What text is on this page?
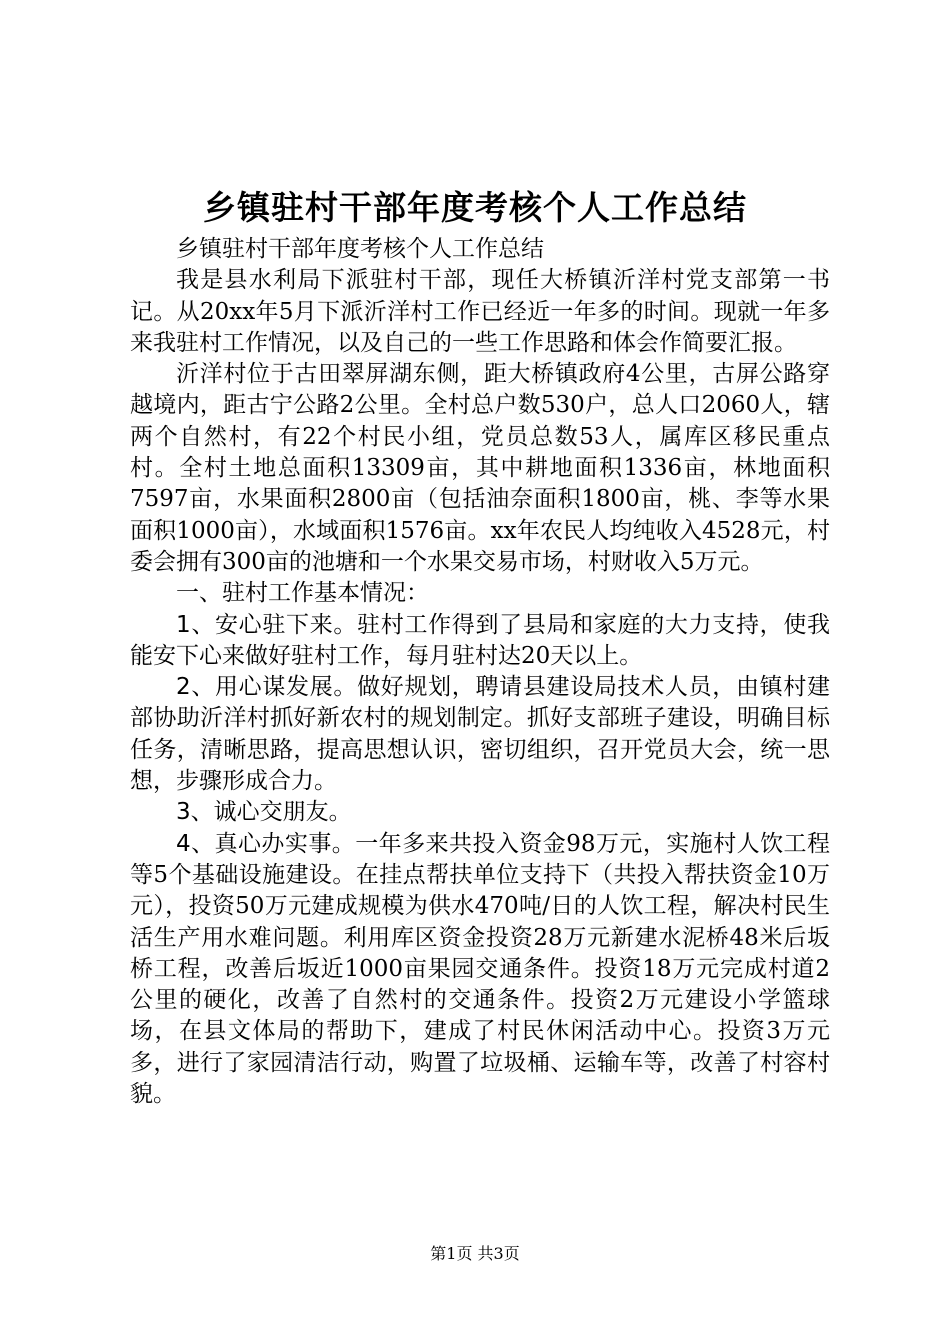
乡镇驻村干部年度考核个人工作总结

乡镇驻村干部年度考核个人工作总结

我是县水利局下派驻村干部，现任大桥镇沂洋村党支部第一书记。从20xx年5月下派沂洋村工作已经近一年多的时间。现就一年多来我驻村工作情况，以及自己的一些工作思路和体会作简要汇报。

沂洋村位于古田翠屏湖东侧，距大桥镇政府4公里，古屏公路穿越境内，距古宁公路2公里。全村总户数530户，总人口2060人，辖两个自然村，有22个村民小组，党员总数53人，属库区移民重点村。全村土地总面积13309亩，其中耕地面积1336亩，林地面积7597亩，水果面积2800亩（包括油奈面积1800亩，桃、李等水果面积1000亩），水域面积1576亩。xx年农民人均纯收入4528元，村委会拥有300亩的池塘和一个水果交易市场，村财收入5万元。

一、驻村工作基本情况：

1、安心驻下来。驻村工作得到了县局和家庭的大力支持，使我能安下心来做好驻村工作，每月驻村达20天以上。

2、用心谋发展。做好规划，聘请县建设局技术人员，由镇村建部协助沂洋村抓好新农村的规划制定。抓好支部班子建设，明确目标任务，清晰思路，提高思想认识，密切组织，召开党员大会，统一思想，步骤形成合力。

3、诚心交朋友。

4、真心办实事。一年多来共投入资金98万元，实施村人饮工程等5个基础设施建设。在挂点帮扶单位支持下（共投入帮扶资金10万元），投资50万元建成规模为供水470吨/日的人饮工程，解决村民生活生产用水难问题。利用库区资金投资28万元新建水泥桥48米后坂桥工程，改善后坂近1000亩果园交通条件。投资18万元完成村道2公里的硬化，改善了自然村的交通条件。投资2万元建设小学篮球场，在县文体局的帮助下，建成了村民休闲活动中心。投资3万元多，进行了家园清洁行动，购置了垃圾桶、运输车等，改善了村容村貌。

第1页 共3页
